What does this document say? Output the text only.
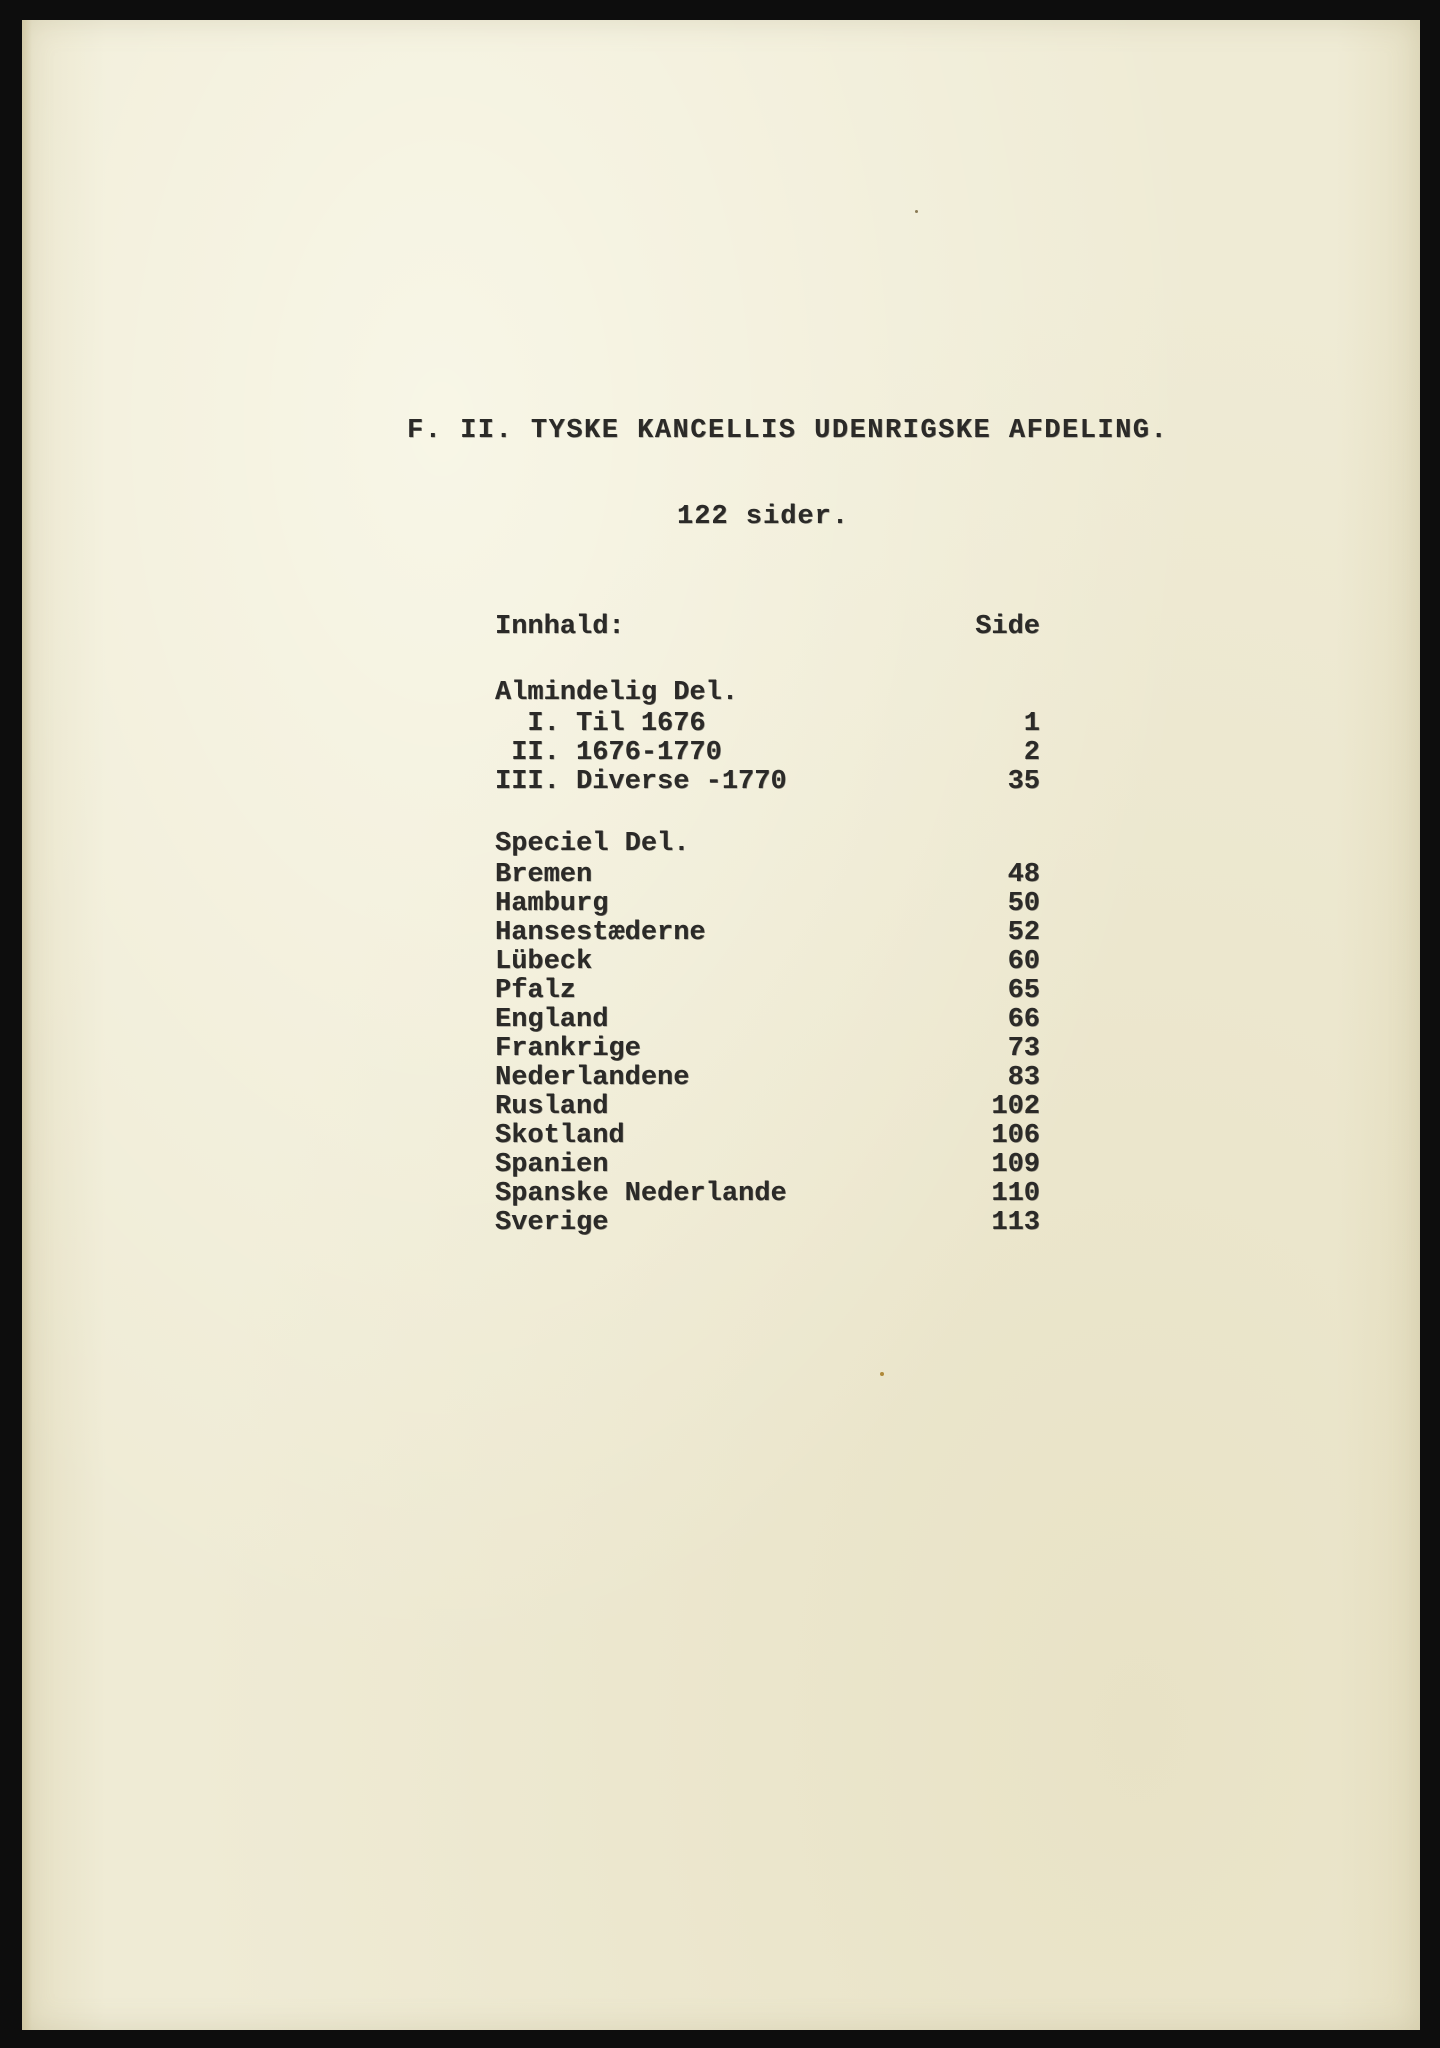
F. II. TYSKE KANCELLIS UDENRIGSKE AFDELING.
122 sider.
Innhald:	Side
Almindelig Del.
I. Til 1676	1
II. 1676-1770	2
III. Diverse -1770	35
Speciel Del.
Bremen	48
Hamburg	50
Hansestæderne	52
Lübeck	60
Pfalz	65
England	66
Frankrige	73
Nederlandene	83
Rusland	102
Skotland	106
Spanien	109
Spanske Nederlande	110
Sverige	113
